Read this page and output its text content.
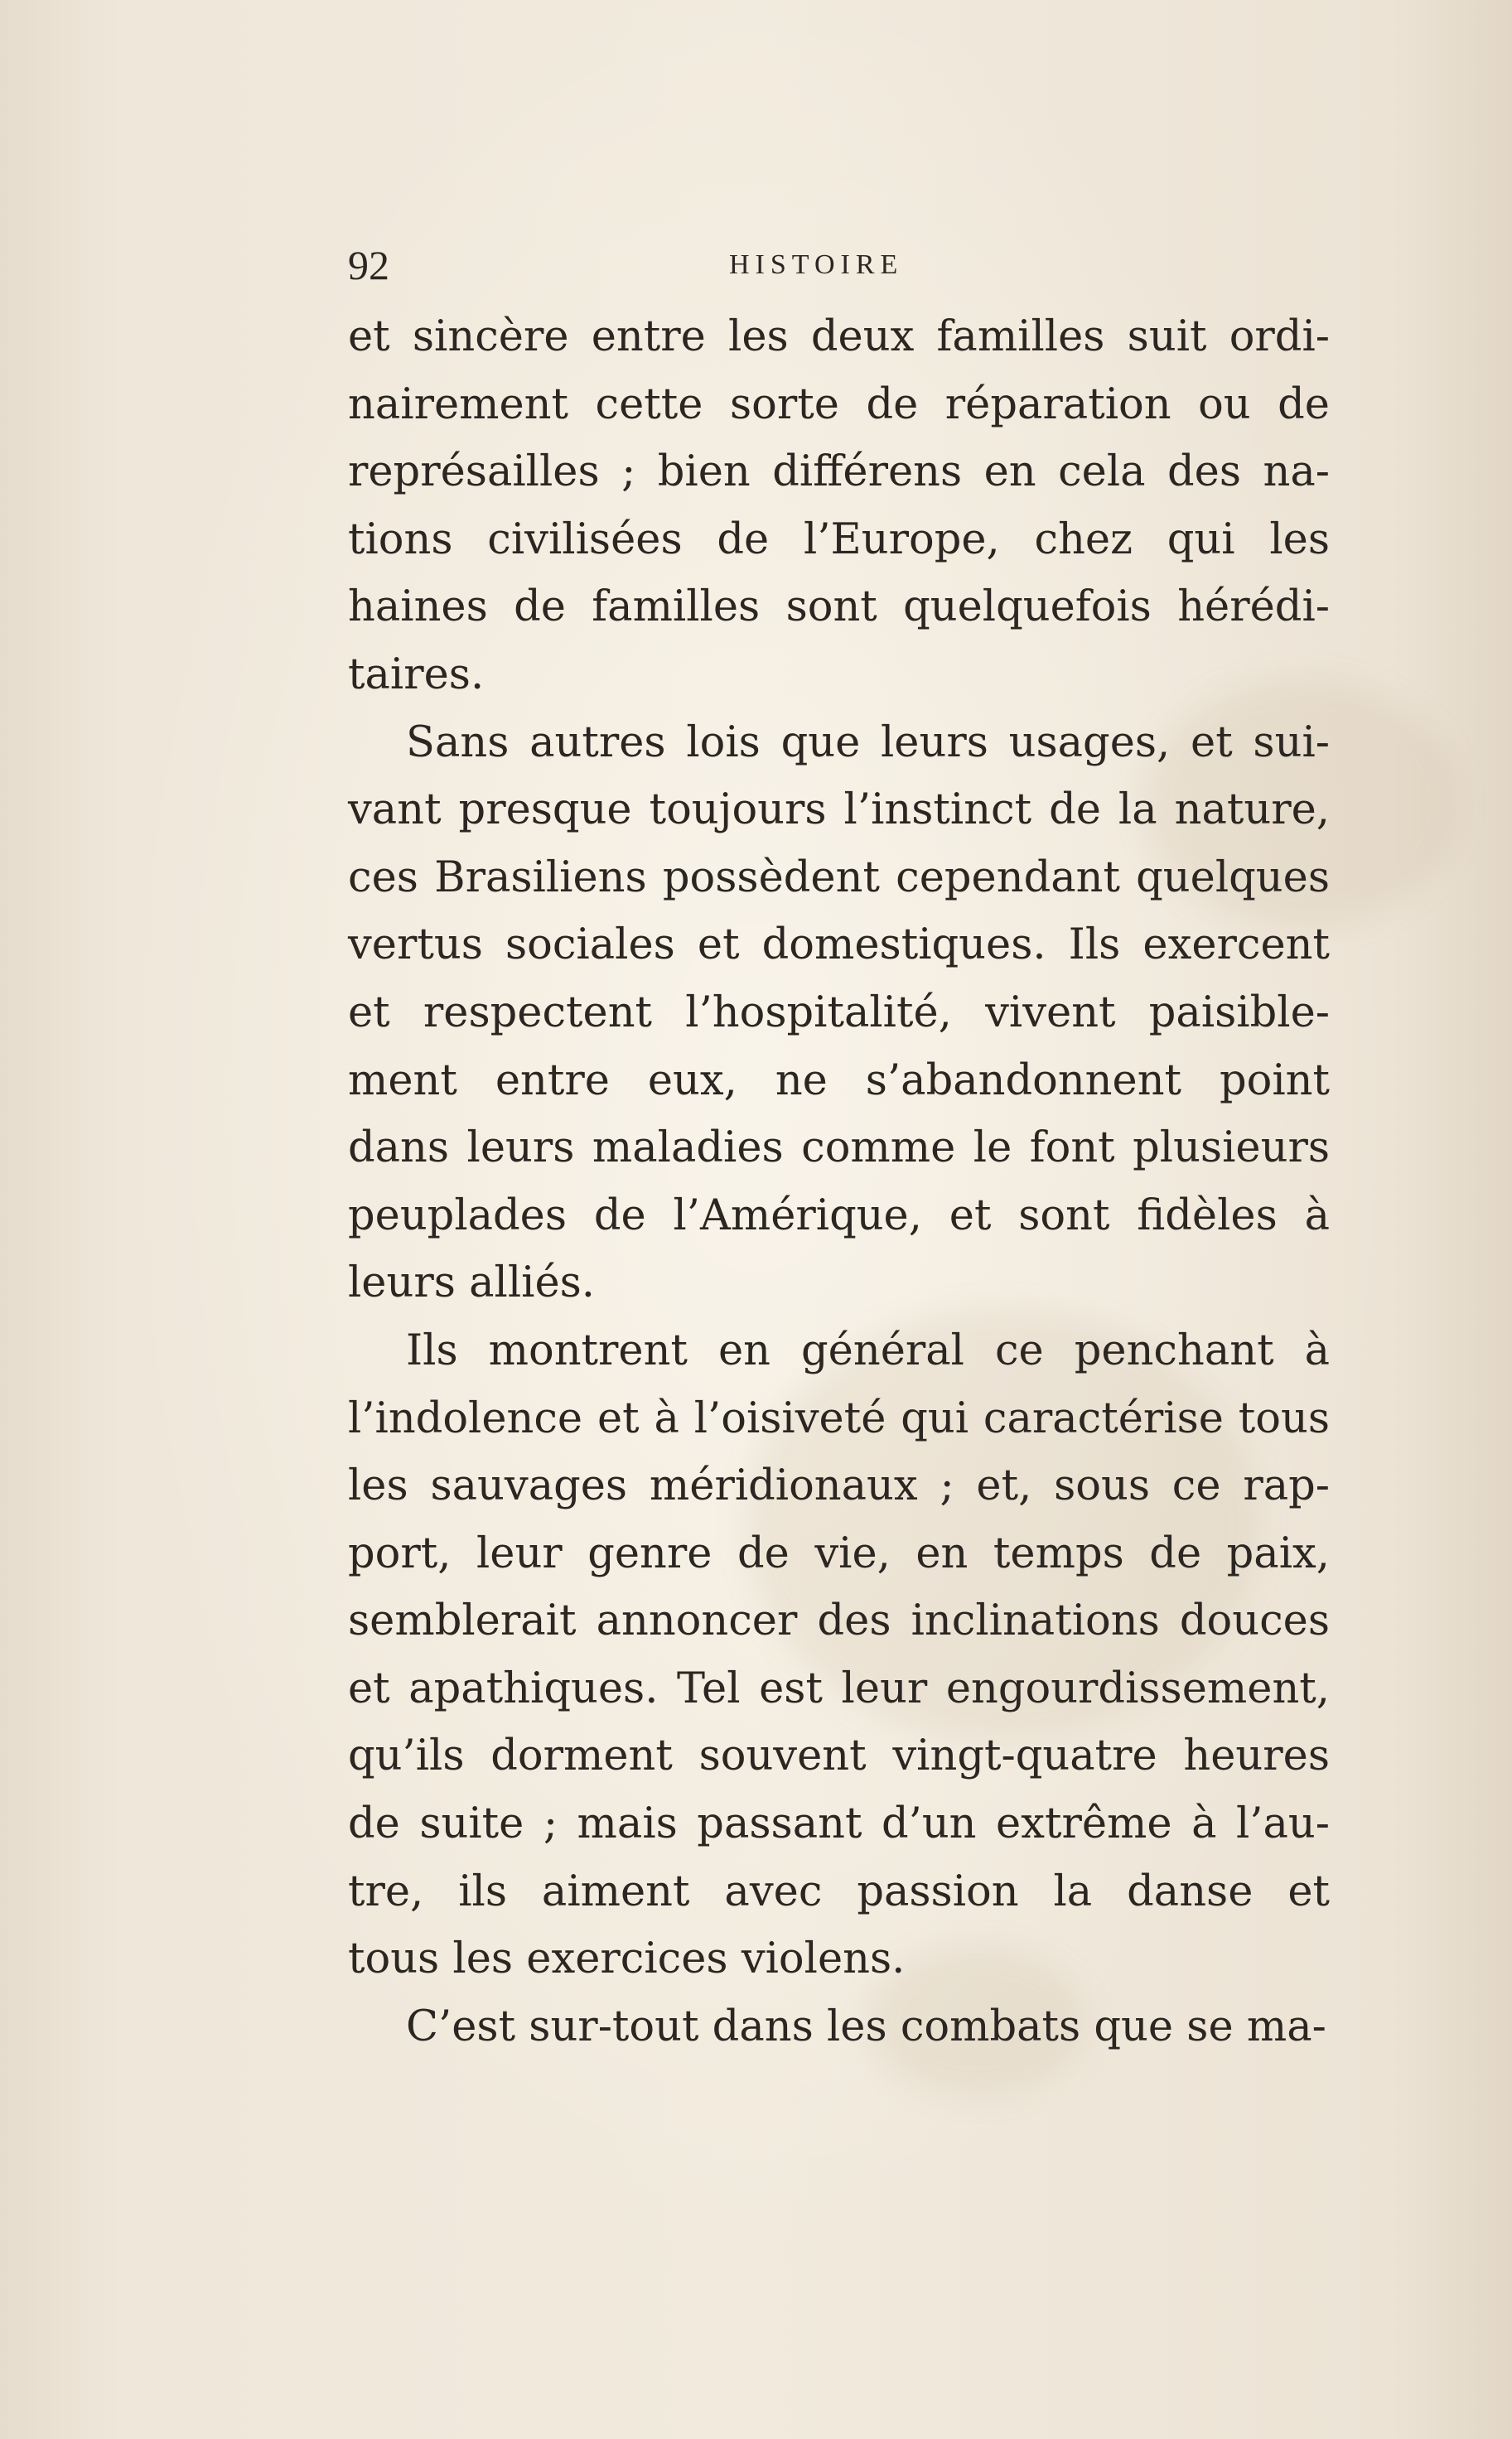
92	HISTOIRE
et sincère entre les deux familles suit ordi-
nairement cette sorte de réparation ou de
représailles ; bien différens en cela des na-
tions civilisées de l’Europe, chez qui les
haines de familles sont quelquefois hérédi-
taires.
Sans autres lois que leurs usages, et sui-
vant presque toujours l’instinct de la nature,
ces Brasiliens possèdent cependant quelques
vertus sociales et domestiques. Ils exercent
et respectent l’hospitalité, vivent paisible-
ment entre eux, ne s’abandonnent point
dans leurs maladies comme le font plusieurs
peuplades de l’Amérique, et sont fidèles à
leurs alliés.
Ils montrent en général ce penchant à
l’indolence et à l’oisiveté qui caractérise tous
les sauvages méridionaux ; et, sous ce rap-
port, leur genre de vie, en temps de paix,
semblerait annoncer des inclinations douces
et apathiques. Tel est leur engourdissement,
qu’ils dorment souvent vingt-quatre heures
de suite ; mais passant d’un extrême à l’au-
tre, ils aiment avec passion la danse et
tous les exercices violens.
C’est sur-tout dans les combats que se ma-
